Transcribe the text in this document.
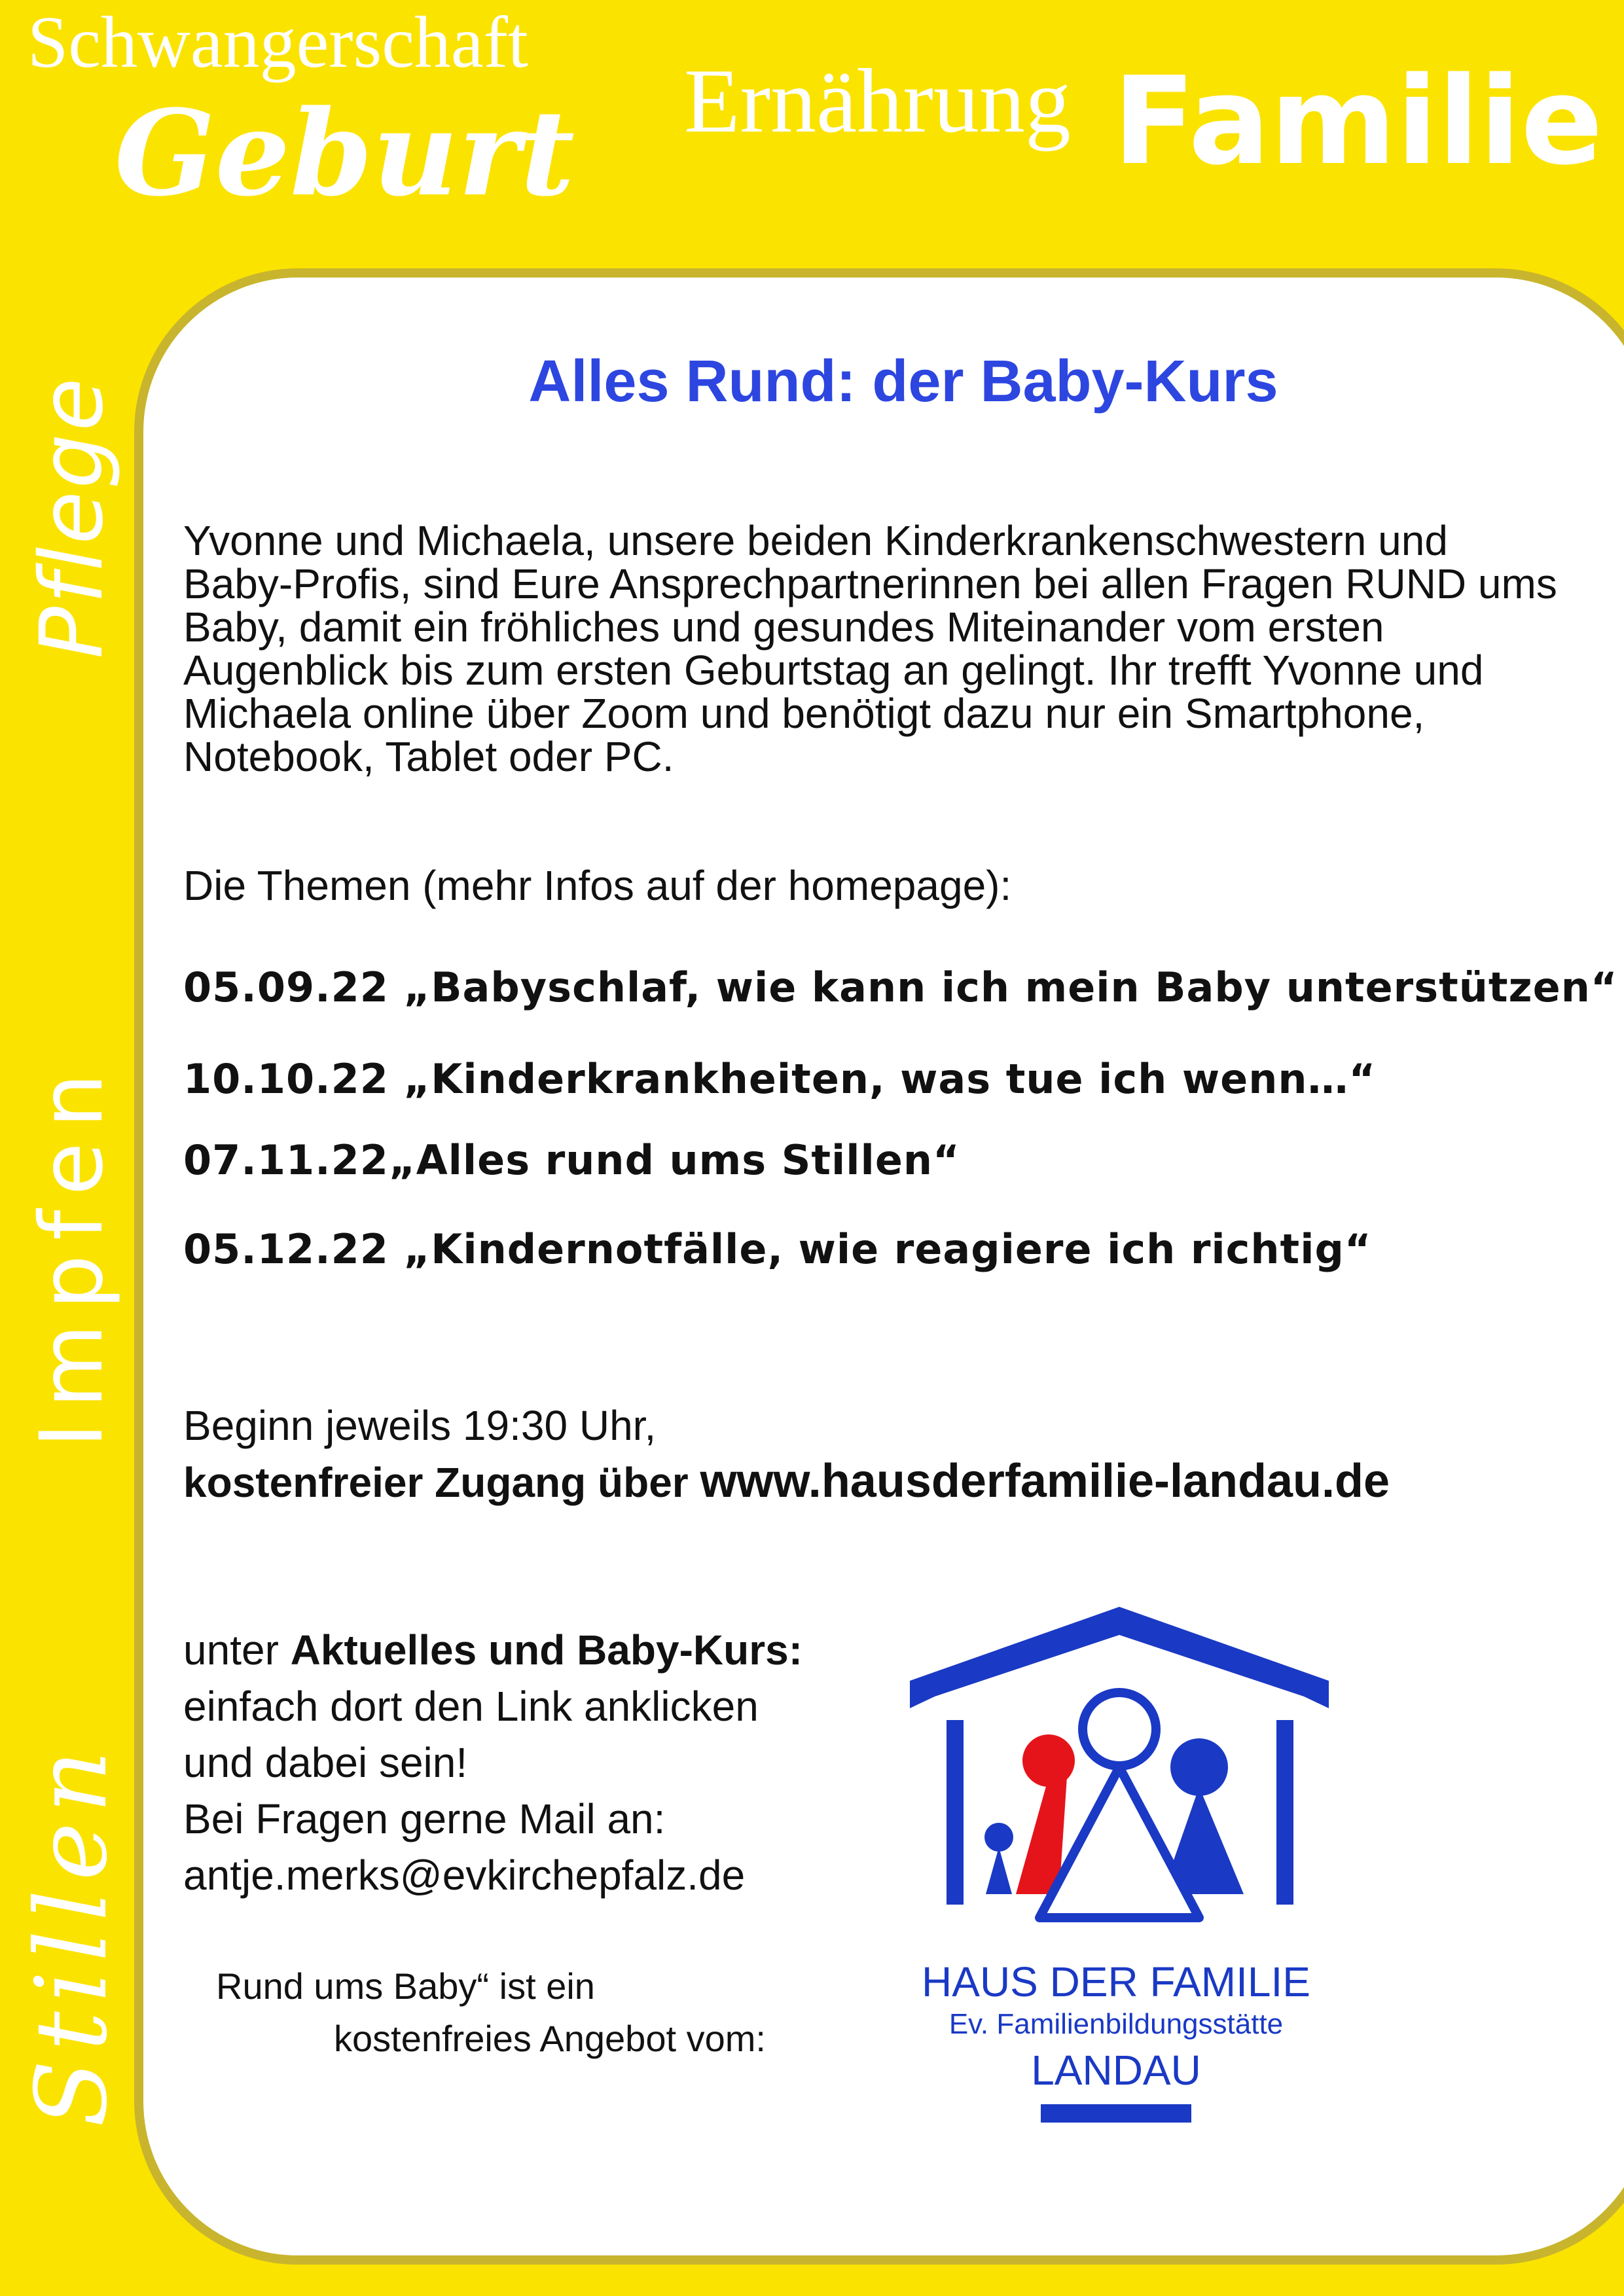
Schwangerschaft
Geburt Ernährung Familie
Pflege
Impfen
Stillen
Alles Rund: der Baby-Kurs
Yvonne und Michaela, unsere beiden Kinderkrankenschwestern und
Baby-Profis, sind Eure Ansprechpartnerinnen bei allen Fragen RUND ums
Baby, damit ein fröhliches und gesundes Miteinander vom ersten
Augenblick bis zum ersten Geburtstag an gelingt. Ihr trefft Yvonne und
Michaela online über Zoom und benötigt dazu nur ein Smartphone,
Notebook, Tablet oder PC.
Die Themen (mehr Infos auf der homepage):
05.09.22 „Babyschlaf, wie kann ich mein Baby unterstützen“
10.10.22 „Kinderkrankheiten, was tue ich wenn…“
07.11.22„Alles rund ums Stillen“
05.12.22 „Kindernotfälle, wie reagiere ich richtig“
Beginn jeweils 19:30 Uhr,
kostenfreier Zugang über www.hausderfamilie-landau.de
unter Aktuelles und Baby-Kurs:
einfach dort den Link anklicken
und dabei sein!
Bei Fragen gerne Mail an:
antje.merks@evkirchepfalz.de
Rund ums Baby“ ist ein
kostenfreies Angebot vom:
HAUS DER FAMILIE
Ev. Familienbildungsstätte
LANDAU
